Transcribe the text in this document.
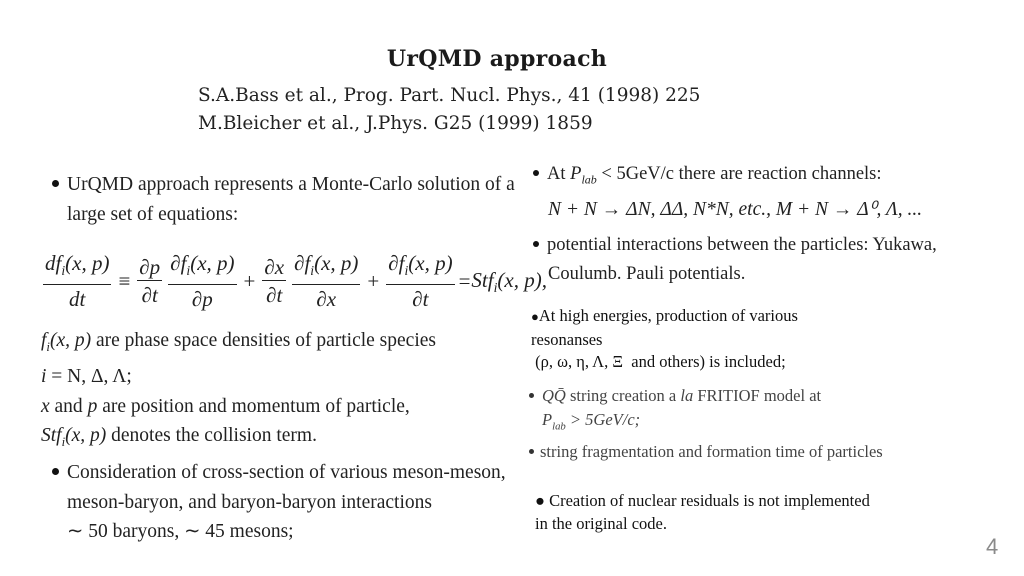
UrQMD approach
S.A.Bass et al., Prog. Part. Nucl. Phys., 41 (1998) 225
M.Bleicher et al., J.Phys. G25 (1999) 1859
UrQMD approach represents a Monte-Carlo solution of a
large set of equations:
$\frac{df_i(x, p)}{dt} \equiv \frac{\partial p}{\partial t} \frac{\partial f_i(x, p)}{\partial p} + \frac{\partial x}{\partial t} \frac{\partial f_i(x, p)}{\partial x} + \frac{\partial f_i(x, p)}{\partial t} = Stf_i(x$, p),
$f_i(x$, p) are phase space densities of particle species
i = N, Δ, Λ;
x and p are position and momentum of particle,
Stf$_i$(x, p) denotes the collision term.
Consideration of cross-section of various meson-meson,
meson-baryon, and baryon-baryon interactions
∼ 50 baryons, ∼ 45 mesons;
At $P_{lab} < 5GeV/c$ there are reaction channels:
N + N → ΔN, ΔΔ, N*N, etc., M + N → Δ⁰, Λ, ...
potential interactions between the particles: Yukawa,
Coulumb. Pauli potentials.
●At high energies, production of various
resonanses
(ρ, ω, η, Λ, Ξ  and others) is included;
QQ̄ string creation a la FRITIOF model at
$P_{lab} > 5GeV/c$;
string fragmentation and formation time of particles
● Creation of nuclear residuals is not implemented
in the original code.
4
